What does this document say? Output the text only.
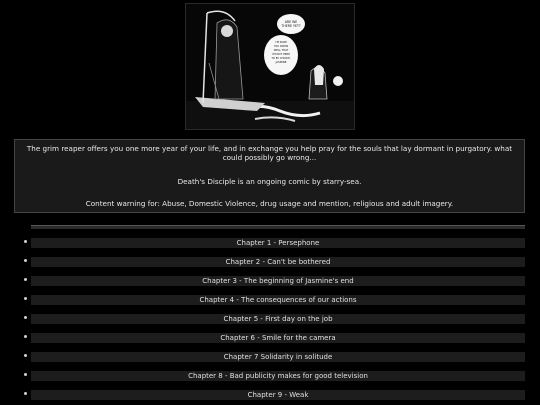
ARE WE
THERE YET?
I'M SURE
YOU KNOW
WELL THAT
I'M NOT HERE
TO BY CHOICE,
JASMINE

The grim reaper offers you one more year of your life, and in exchange you help pray for the souls that lay dormant in purgatory. what could possibly go wrong...

Death's Disciple is an ongoing comic by starry-sea.

Content warning for: Abuse, Domestic Violence, drug usage and mention, religious and adult imagery.

Chapter 1 - Persephone
Chapter 2 - Can't be bothered
Chapter 3 - The beginning of Jasmine's end
Chapter 4 - The consequences of our actions
Chapter 5 - First day on the job
Chapter 6 - Smile for the camera
Chapter 7 Solidarity in solitude
Chapter 8 - Bad publicity makes for good television
Chapter 9 - Weak
